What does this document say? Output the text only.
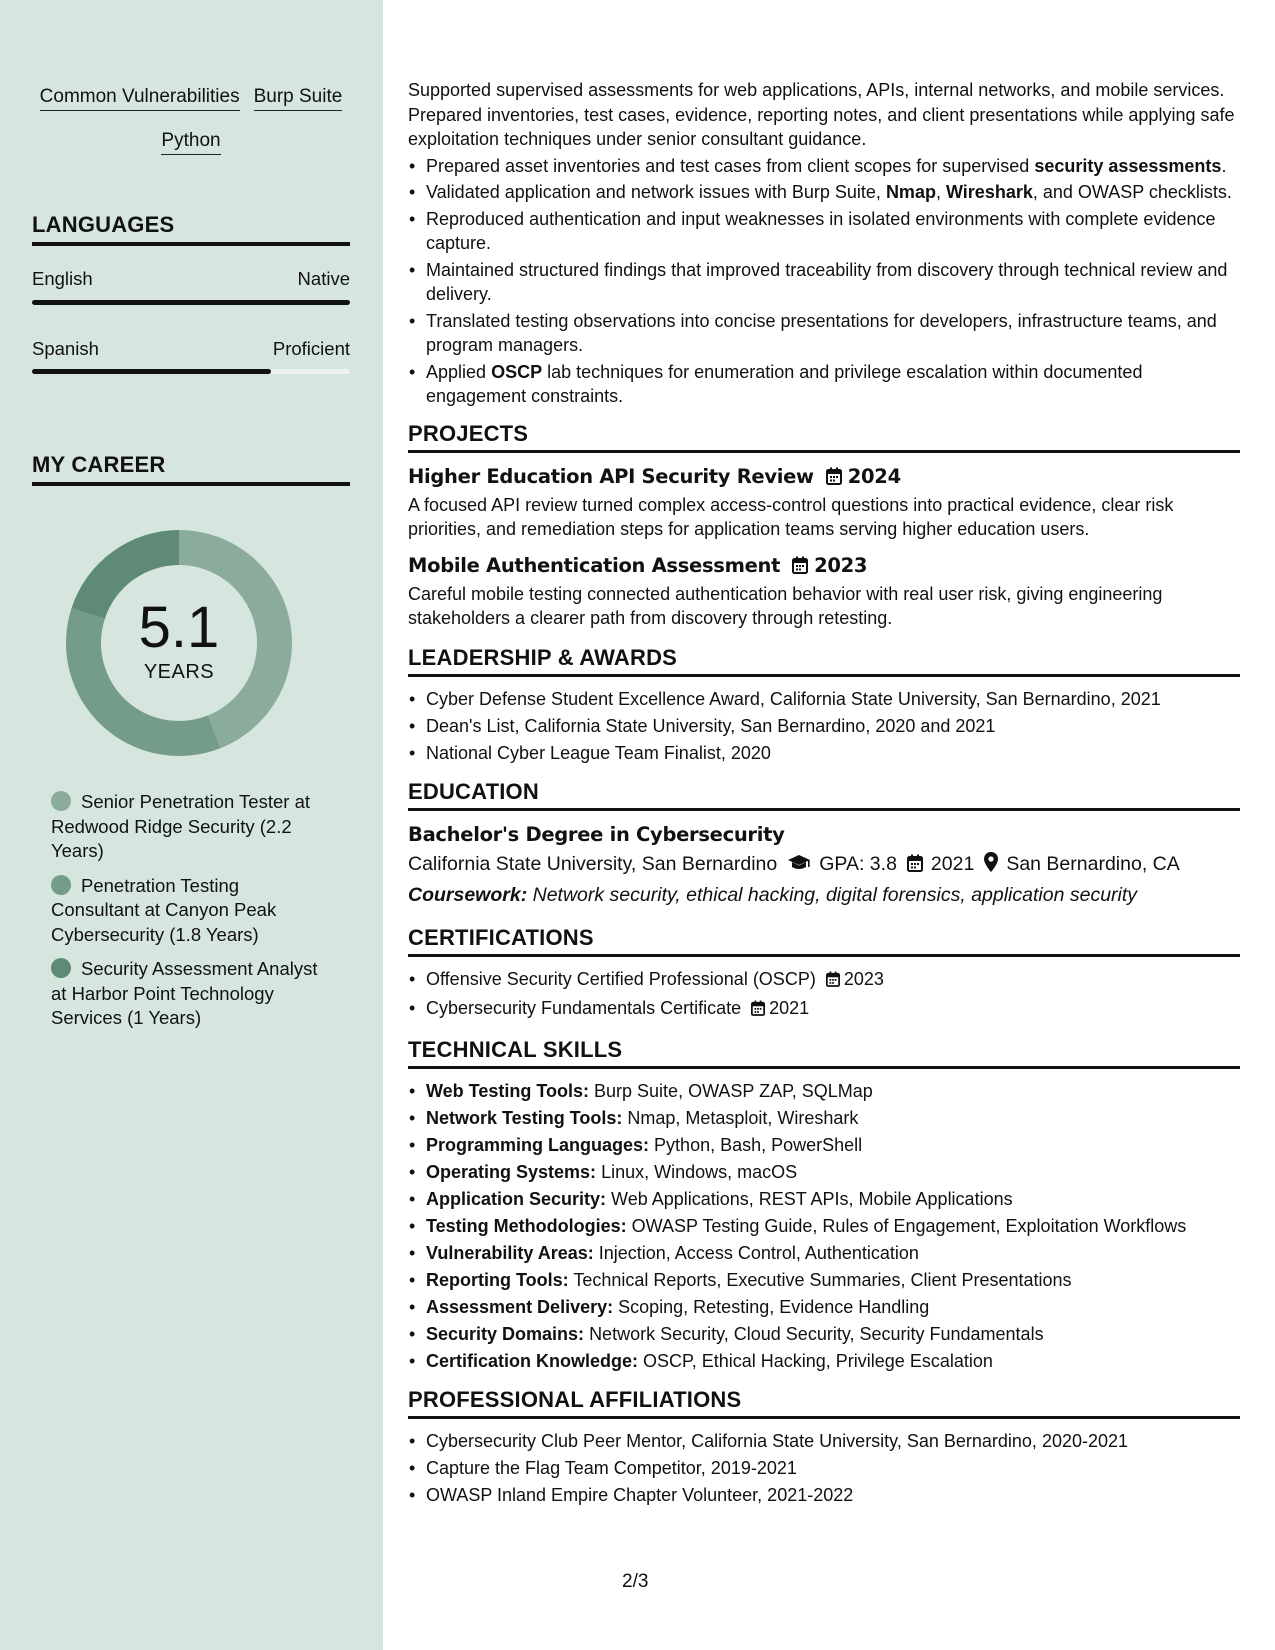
Common Vulnerabilities Burp Suite
Python
LANGUAGES
English	Native
Spanish	Proficient
MY CAREER
5.1
YEARS
Senior Penetration Tester at Redwood Ridge Security (2.2 Years)
Penetration Testing Consultant at Canyon Peak Cybersecurity (1.8 Years)
Security Assessment Analyst at Harbor Point Technology Services (1 Years)

Supported supervised assessments for web applications, APIs, internal networks, and mobile services. Prepared inventories, test cases, evidence, reporting notes, and client presentations while applying safe exploitation techniques under senior consultant guidance.

• Prepared asset inventories and test cases from client scopes for supervised security assessments.
• Validated application and network issues with Burp Suite, Nmap, Wireshark, and OWASP checklists.
• Reproduced authentication and input weaknesses in isolated environments with complete evidence capture.
• Maintained structured findings that improved traceability from discovery through technical review and delivery.
• Translated testing observations into concise presentations for developers, infrastructure teams, and program managers.
• Applied OSCP lab techniques for enumeration and privilege escalation within documented engagement constraints.
PROJECTS
Higher Education API Security Review 2024

A focused API review turned complex access-control questions into practical evidence, clear risk priorities, and remediation steps for application teams serving higher education users.

Mobile Authentication Assessment 2023

Careful mobile testing connected authentication behavior with real user risk, giving engineering stakeholders a clearer path from discovery through retesting.

LEADERSHIP & AWARDS
• Cyber Defense Student Excellence Award, California State University, San Bernardino, 2021
• Dean's List, California State University, San Bernardino, 2020 and 2021
• National Cyber League Team Finalist, 2020
EDUCATION
Bachelor's Degree in Cybersecurity
California State University, San Bernardino GPA: 3.8 2021 San Bernardino, CA
Coursework: Network security, ethical hacking, digital forensics, application security
CERTIFICATIONS
• Offensive Security Certified Professional (OSCP) 2023
• Cybersecurity Fundamentals Certificate 2021
TECHNICAL SKILLS
• Web Testing Tools: Burp Suite, OWASP ZAP, SQLMap
• Network Testing Tools: Nmap, Metasploit, Wireshark
• Programming Languages: Python, Bash, PowerShell
• Operating Systems: Linux, Windows, macOS
• Application Security: Web Applications, REST APIs, Mobile Applications
• Testing Methodologies: OWASP Testing Guide, Rules of Engagement, Exploitation Workflows
• Vulnerability Areas: Injection, Access Control, Authentication
• Reporting Tools: Technical Reports, Executive Summaries, Client Presentations
• Assessment Delivery: Scoping, Retesting, Evidence Handling
• Security Domains: Network Security, Cloud Security, Security Fundamentals
• Certification Knowledge: OSCP, Ethical Hacking, Privilege Escalation
PROFESSIONAL AFFILIATIONS
• Cybersecurity Club Peer Mentor, California State University, San Bernardino, 2020-2021
• Capture the Flag Team Competitor, 2019-2021
• OWASP Inland Empire Chapter Volunteer, 2021-2022
2/3
